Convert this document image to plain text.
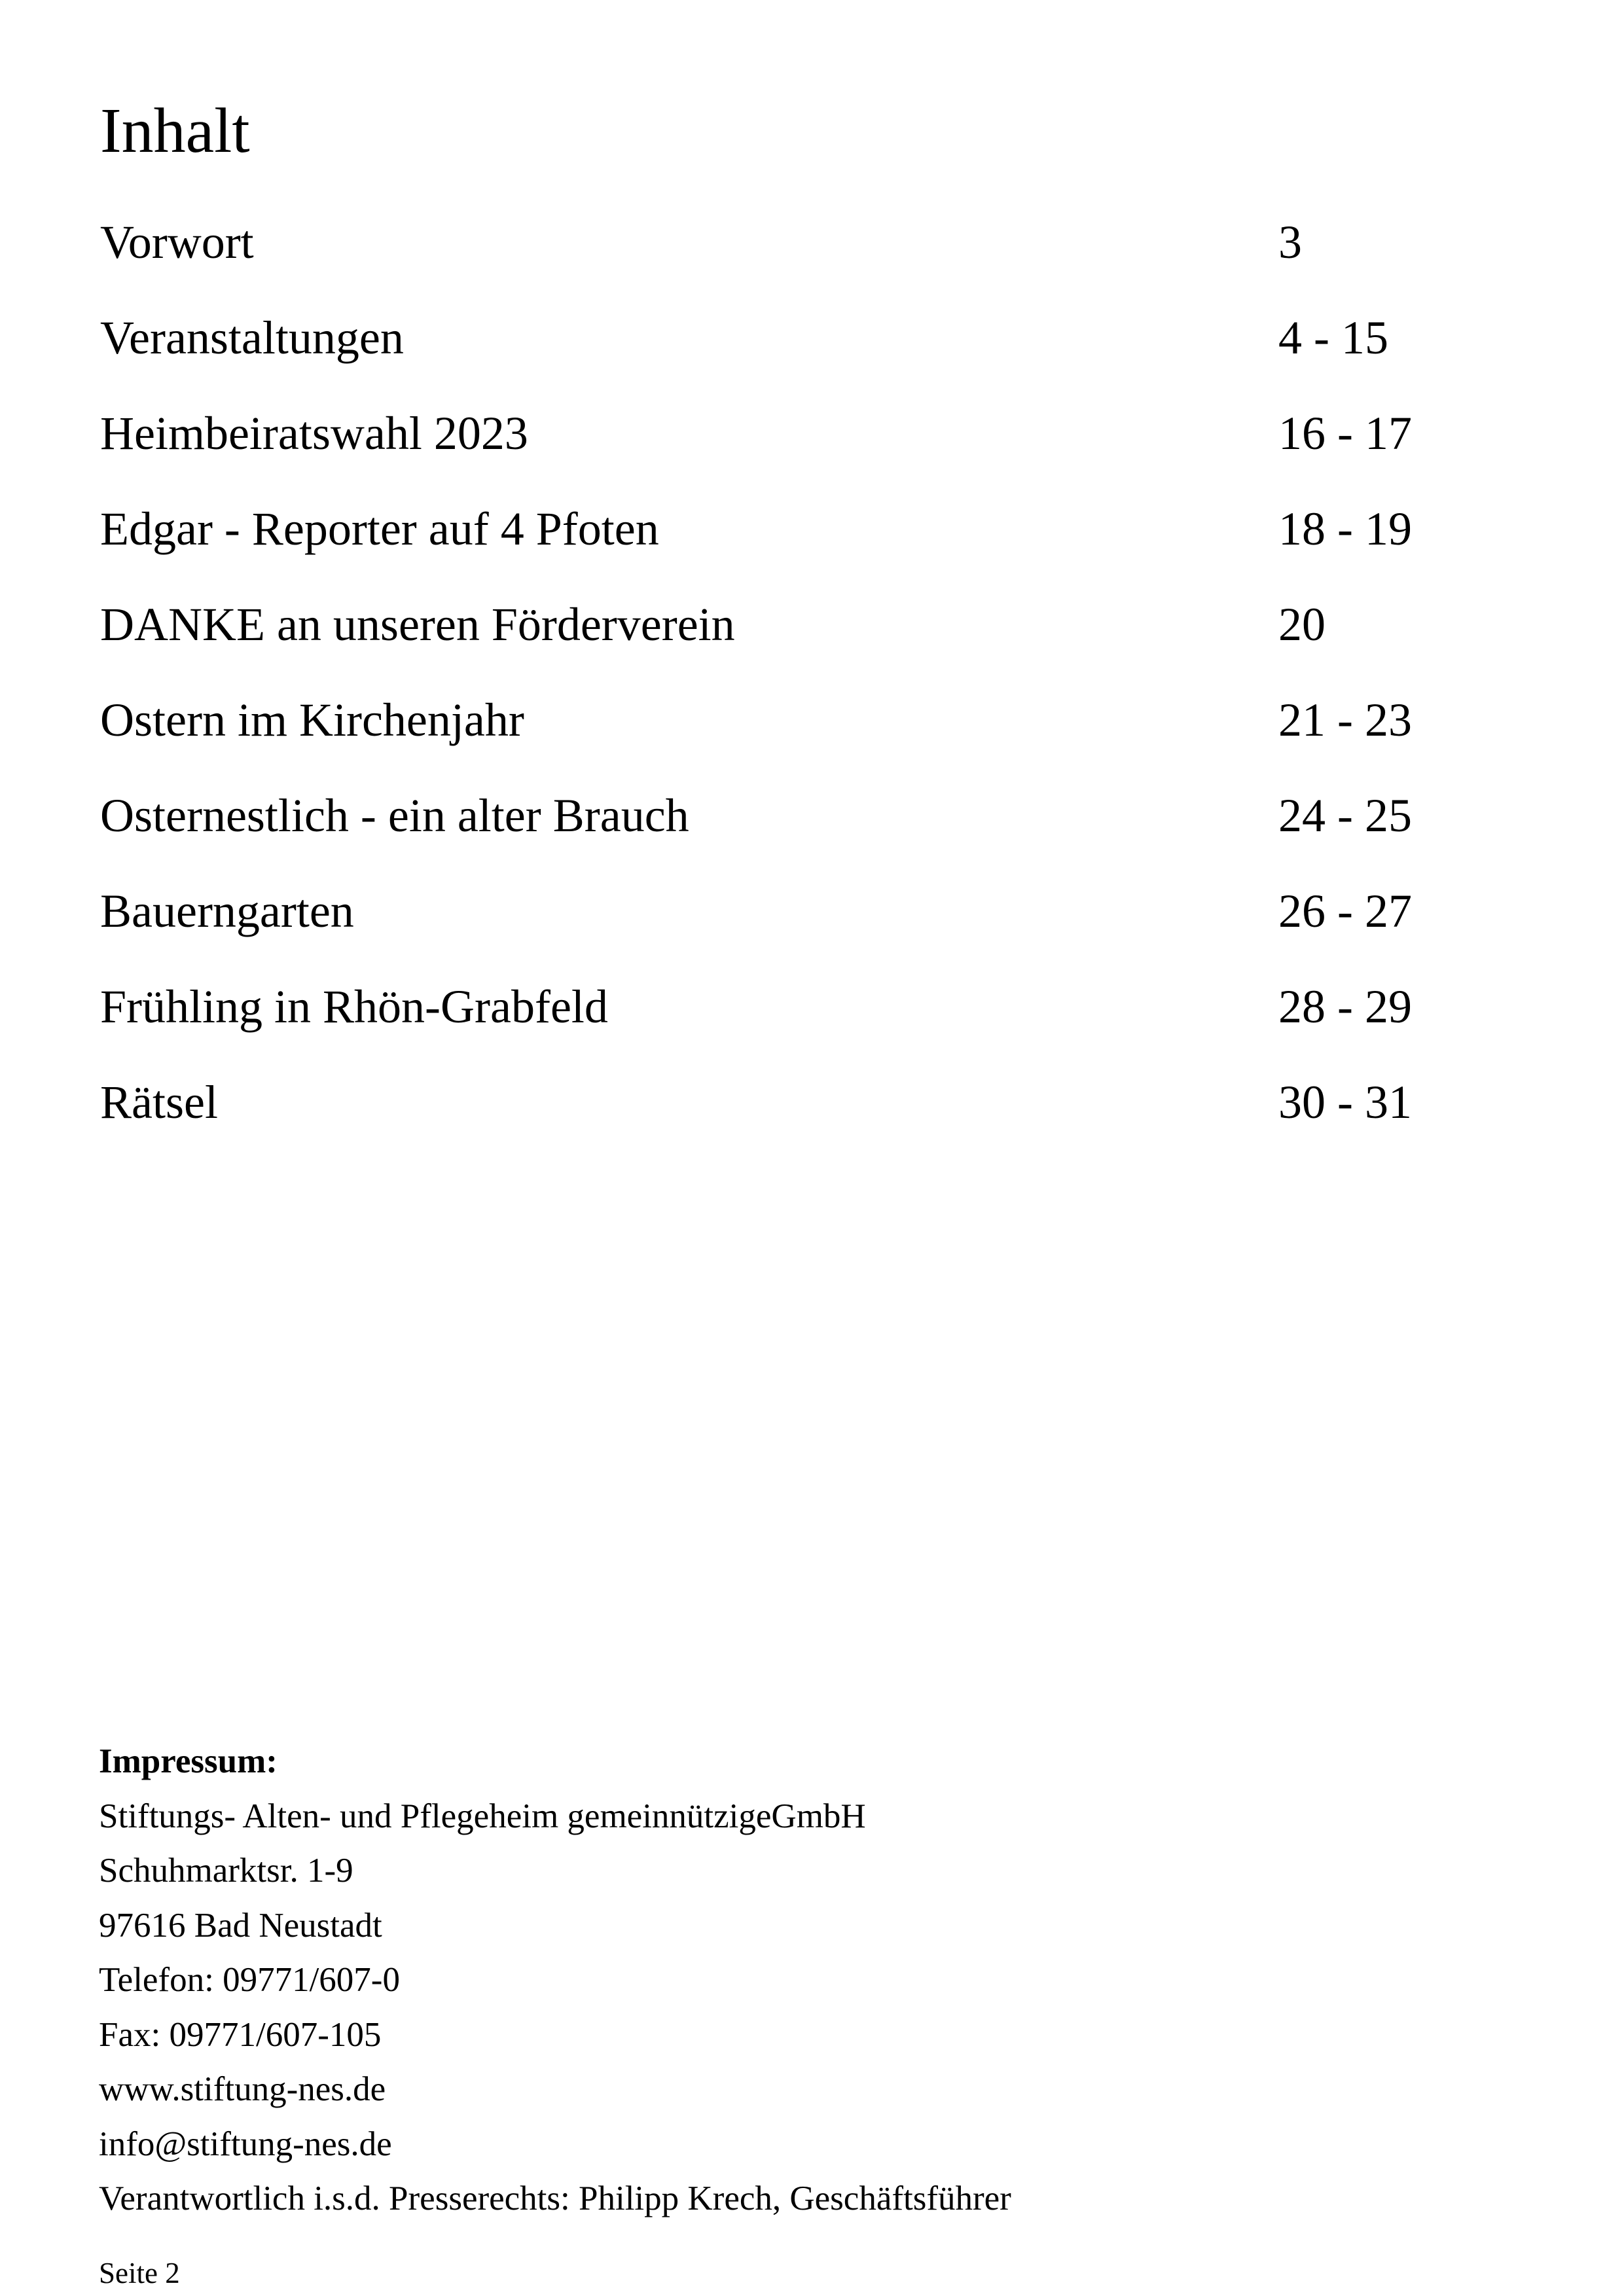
Inhalt
Vorwort	3
Veranstaltungen	4 - 15
Heimbeiratswahl 2023	16 - 17
Edgar - Reporter auf 4 Pfoten	18 - 19
DANKE an unseren Förderverein	20
Ostern im Kirchenjahr	21 - 23
Osternestlich - ein alter Brauch	24 - 25
Bauerngarten	26 - 27
Frühling in Rhön-Grabfeld	28 - 29
Rätsel	30 - 31
Impressum:
Stiftungs- Alten- und Pflegeheim gemeinnützigeGmbH
Schuhmarktsr. 1-9
97616 Bad Neustadt
Telefon: 09771/607-0
Fax: 09771/607-105
www.stiftung-nes.de
info@stiftung-nes.de
Verantwortlich i.s.d. Presserechts: Philipp Krech, Geschäftsführer
Seite 2
